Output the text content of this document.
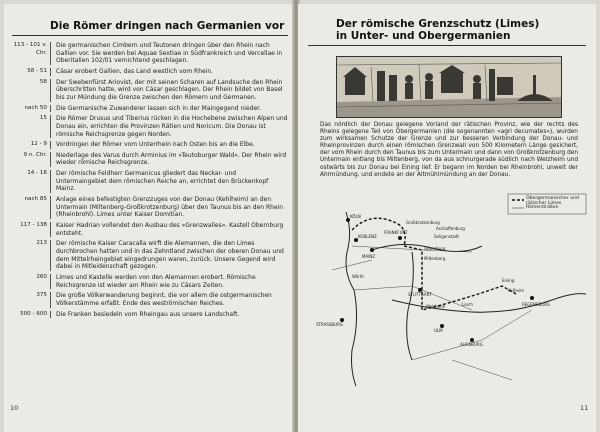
Die Römer dringen nach Germanien vor
113 - 101 v. Chr.
Die germanischen Cimbern und Teutonen dringen über den Rhein nach Gallien vor. Sie werden bei Aquae Sextiae in Südfrankreich und Vercellae in Oberitalien 102/01 vernichtend geschlagen.
58 - 51	Cäsar erobert Gallien, das Land westlich vom Rhein.
58	Der Swebenfürst Ariovist, der mit seinen Scharen auf Landsuche den Rhein überschritten hatte, wird von Cäsar geschlagen. Der Rhein bildet von Basel bis zur Mündung die Grenze zwischen den Römern und Germanen.
nach 50	Die Germanische Zuwanderer lassen sich in der Maingegend nieder.
15	Die Römer Drusus und Tiberius rücken in die Hochebene zwischen Alpen und Donau ein, errichten die Provinzen Rätien und Noricum. Die Donau ist römische Reichsgrenze gegen Norden.
12 - 9	Vordringen der Römer vom Unterrhein nach Osten bis an die Elbe.
9 n. Chr.	Niederlage des Varus durch Arminius im »Teutoburger Wald«. Der Rhein wird wieder römische Reichsgrenze.
14 - 16	Der römische Feldherr Germanicus gliedert das Neckar- und Untermaingebiet dem römischen Reiche an, errichtet den Brückenkopf Mainz.
nach 85	Anlage eines befestigten Grenzzuges von der Donau (Kehlheim) an den Untermain (Miltenberg-Großkrotzenburg) über den Taunus bis an den Rhein (Rheinbrohl). Limes unter Kaiser Domitian.
117 - 138	Kaiser Hadrian vollendet den Ausbau des »Grenzwalles«. Kastell Obernburg entsteht.
213	Der römische Kaiser Caracalla wirft die Alemannen, die den Limes durchbrochen hatten und in das Zehntland zwischen der oberen Donau und dem Mittelrheingebiet eingedrungen waren, zurück. Unsere Gegend wird dabei in Mitleidenschaft gezogen.
260	Limes und Kastelle werden von den Alemannen erobert. Römische Reichsgrenze ist wieder am Rhein wie zu Cäsars Zeiten.
375	Die große Völkerwanderung beginnt, die vor allem die ostgermanischen Völkerstämme erfaßt. Ende des weströmischen Reiches.
500 - 600	Die Franken besiedeln vom Rheingau aus unsere Landschaft.
10
Der römische Grenzschutz (Limes)
in Unter- und Obergermanien
Das nördlich der Donau gelegene Vorland der rätischen Provinz, wie der rechts des Rheins gelegene Teil von Obergermanien (die sogenannten »agri decumates«), wurden zum wirksamen Schutze der Grenze und zur besseren Verbindung der Donau- und Rheinprovinzen durch einen römischen Grenzwall von 500 Kilometern Länge gesichert, der vom Rhein durch den Taunus bis zum Untermain und dann von Großkrotzenburg den Untermain entlang bis Miltenberg, von da aus schnurgerade südlich nach Welzheim und ostwärts bis zur Donau bei Eining lief. Er begann im Norden bei Rheinbrohl, unweit der Ahrmündung, und endete an der Altmühlmündung an der Donau.
Obergermanischer und rätischer Limes
Römerstraßen
KÖLN
KOBLENZ
MAINZ
FRANKFURT
Miltenberg
Obernburg
STUTTGART
AUGSBURG
REGENSBURG
STRASSBURG
ULM
Kelheim
Eining
Wörth
Großkrotzenburg
Seligenstadt
Aschaffenburg
Welzheim	Lorch
11
